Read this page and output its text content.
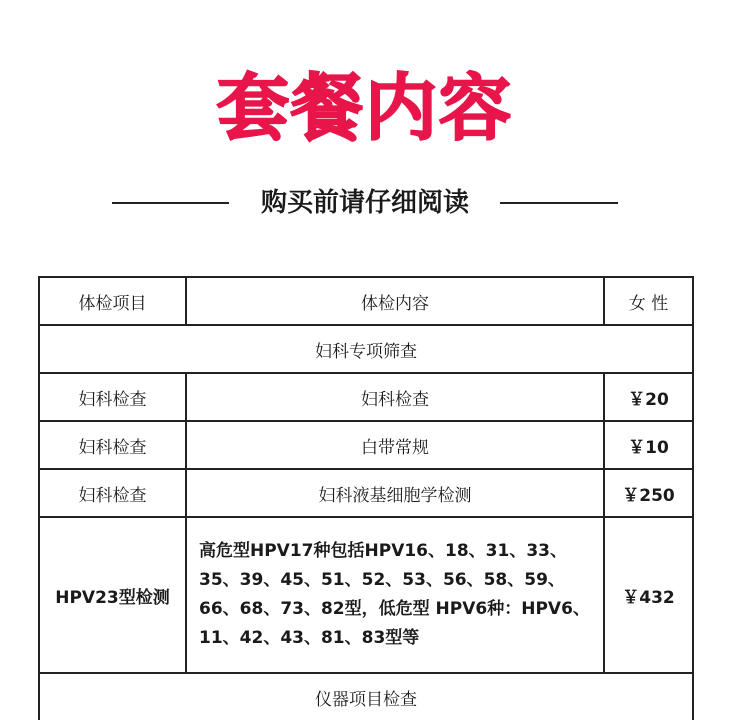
套餐内容
购买前请仔细阅读
体检项目	体检内容	女 性
妇科专项筛查		
妇科检查	妇科检查	￥20
妇科检查	白带常规	￥10
妇科检查	妇科液基细胞学检测	￥250
HPV23型检测	高危型HPV17种包括HPV16、18、31、33、35、39、45、51、52、53、56、58、59、66、68、73、82型，低危型 HPV6种：HPV6、11、42、43、81、83型等	￥432
仪器项目检查		
